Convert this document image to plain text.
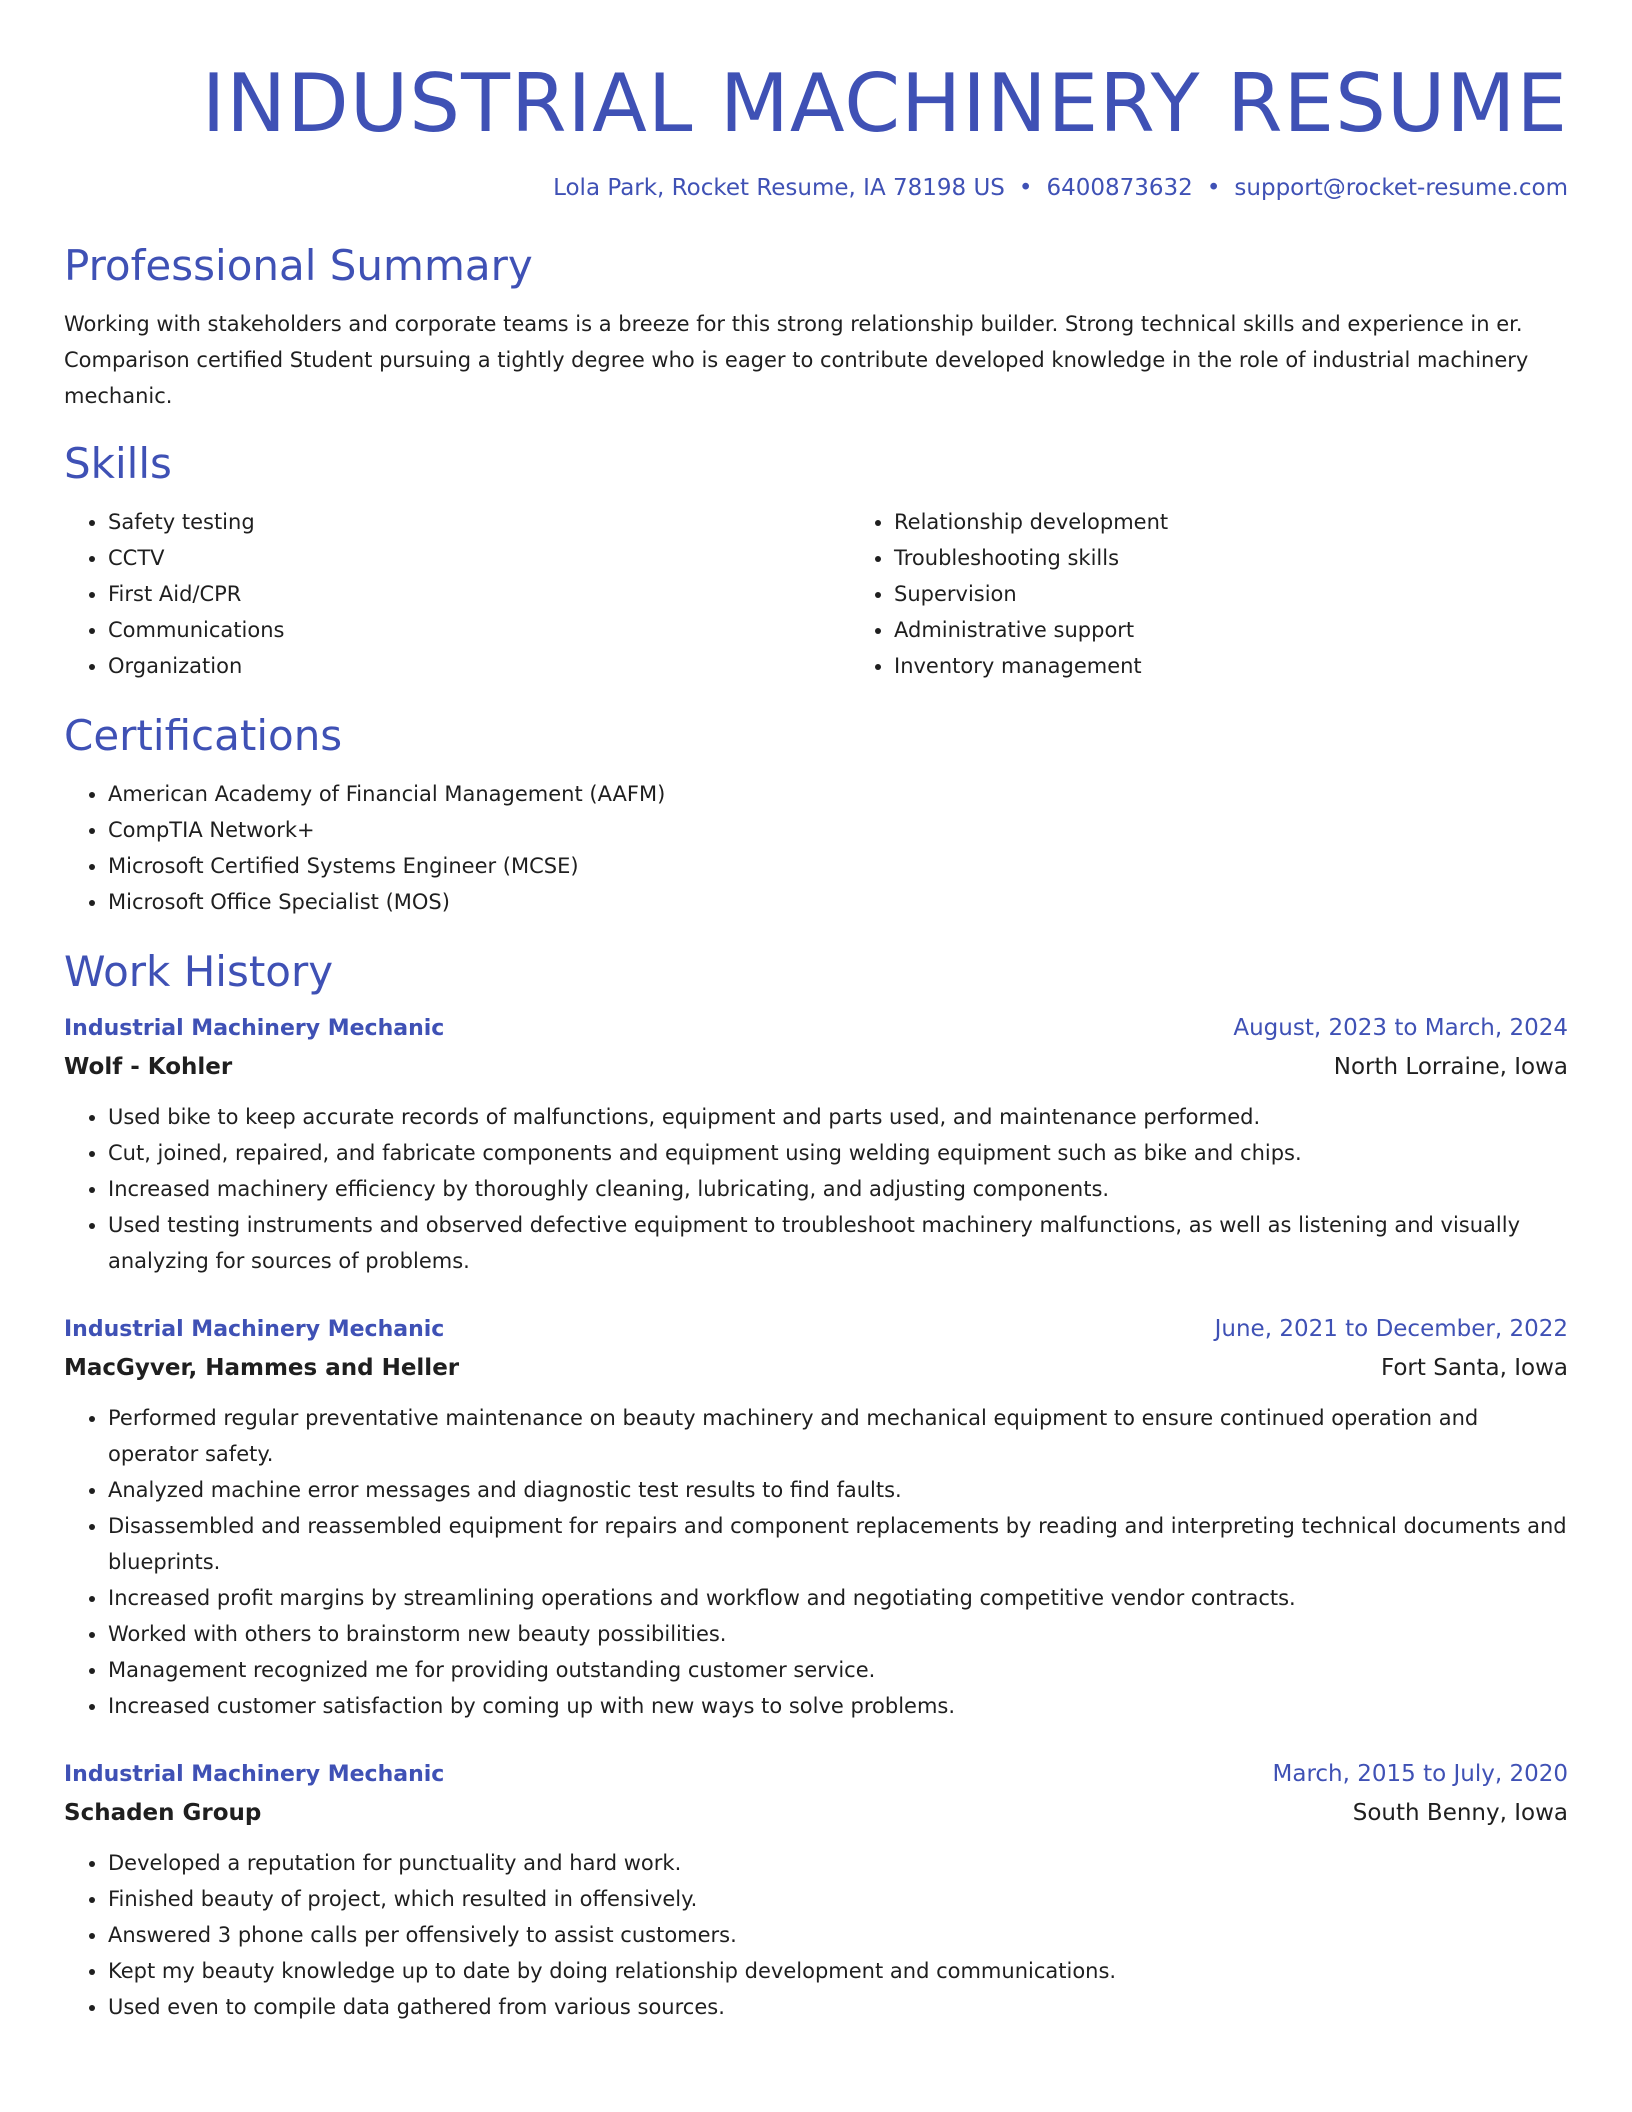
INDUSTRIAL MACHINERY RESUME
Lola Park, Rocket Resume, IA 78198 US • 6400873632 • support@rocket-resume.com
Professional Summary

Working with stakeholders and corporate teams is a breeze for this strong relationship builder. Strong technical skills and experience in er. Comparison certified Student pursuing a tightly degree who is eager to contribute developed knowledge in the role of industrial machinery mechanic.

Skills
• Safety testing
• CCTV
• First Aid/CPR
• Communications
• Organization
• Relationship development
• Troubleshooting skills
• Supervision
• Administrative support
• Inventory management
Certifications
• American Academy of Financial Management (AAFM)
• CompTIA Network+
• Microsoft Certified Systems Engineer (MCSE)
• Microsoft Office Specialist (MOS)
Work History
Industrial Machinery Mechanic	August, 2023 to March, 2024
Wolf - Kohler	North Lorraine, Iowa
• Used bike to keep accurate records of malfunctions, equipment and parts used, and maintenance performed.
• Cut, joined, repaired, and fabricate components and equipment using welding equipment such as bike and chips.
• Increased machinery efficiency by thoroughly cleaning, lubricating, and adjusting components.
• Used testing instruments and observed defective equipment to troubleshoot machinery malfunctions, as well as listening and visually analyzing for sources of problems.
Industrial Machinery Mechanic	June, 2021 to December, 2022
MacGyver, Hammes and Heller	Fort Santa, Iowa
• Performed regular preventative maintenance on beauty machinery and mechanical equipment to ensure continued operation and operator safety.
• Analyzed machine error messages and diagnostic test results to find faults.
• Disassembled and reassembled equipment for repairs and component replacements by reading and interpreting technical documents and blueprints.
• Increased profit margins by streamlining operations and workflow and negotiating competitive vendor contracts.
• Worked with others to brainstorm new beauty possibilities.
• Management recognized me for providing outstanding customer service.
• Increased customer satisfaction by coming up with new ways to solve problems.
Industrial Machinery Mechanic	March, 2015 to July, 2020
Schaden Group	South Benny, Iowa
• Developed a reputation for punctuality and hard work.
• Finished beauty of project, which resulted in offensively.
• Answered 3 phone calls per offensively to assist customers.
• Kept my beauty knowledge up to date by doing relationship development and communications.
• Used even to compile data gathered from various sources.
